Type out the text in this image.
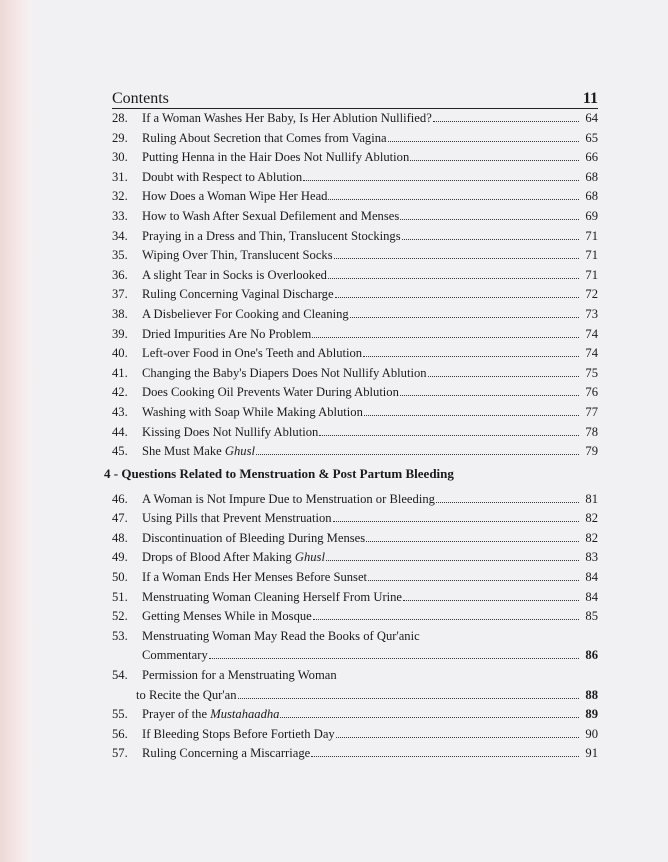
Contents	11
28.	If a Woman Washes Her Baby, Is Her Ablution Nullified?	64
29.	Ruling About Secretion that Comes from Vagina	65
30.	Putting Henna in the Hair Does Not Nullify Ablution	66
31.	Doubt with Respect to Ablution	68
32.	How Does a Woman Wipe Her Head	68
33.	How to Wash After Sexual Defilement and Menses	69
34.	Praying in a Dress and Thin, Translucent Stockings	71
35.	Wiping Over Thin, Translucent Socks	71
36.	A slight Tear in Socks is Overlooked	71
37.	Ruling Concerning Vaginal Discharge	72
38.	A Disbeliever For Cooking and Cleaning	73
39.	Dried Impurities Are No Problem	74
40.	Left-over Food in One's Teeth and Ablution	74
41.	Changing the Baby's Diapers Does Not Nullify Ablution	75
42.	Does Cooking Oil Prevents Water During Ablution	76
43.	Washing with Soap While Making Ablution	77
44.	Kissing Does Not Nullify Ablution	78
45.	She Must Make Ghusl	79
4 - Questions Related to Menstruation & Post Partum Bleeding
46.	A Woman is Not Impure Due to Menstruation or Bleeding	81
47.	Using Pills that Prevent Menstruation	82
48.	Discontinuation of Bleeding During Menses	82
49.	Drops of Blood After Making Ghusl	83
50.	If a Woman Ends Her Menses Before Sunset	84
51.	Menstruating Woman Cleaning Herself From Urine	84
52.	Getting Menses While in Mosque	85
53.	Menstruating Woman May Read the Books of Qur'anic
Commentary	86
54.	Permission for a Menstruating Woman
to Recite the Qur'an	88
55.	Prayer of the Mustahaadha	89
56.	If Bleeding Stops Before Fortieth Day	90
57.	Ruling Concerning a Miscarriage	91
